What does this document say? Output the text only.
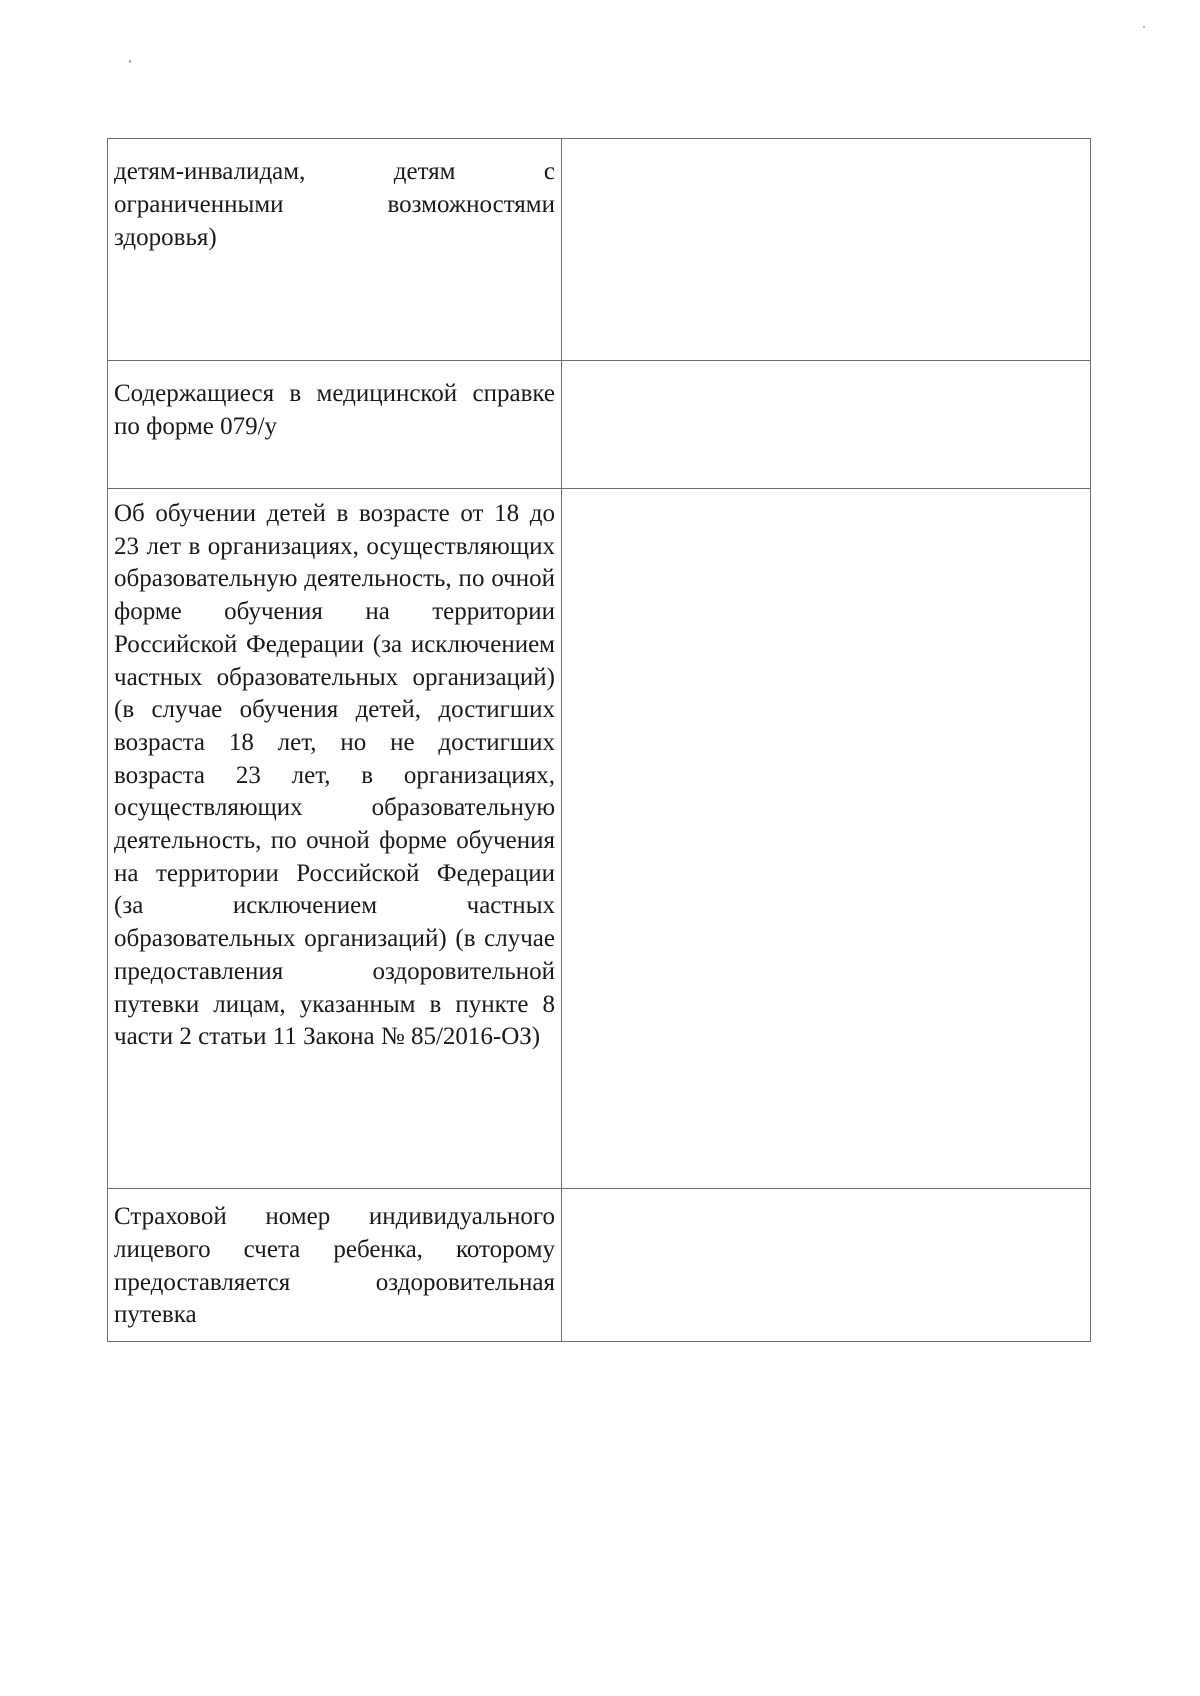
детям-инвалидам, детям с ограниченными возможностями здоровья)	

Содержащиеся в медицинской справке по форме 079/у	

Об обучении детей в возрасте от 18 до 23 лет в организациях, осуществляющих образовательную деятельность, по очной форме обучения на территории Российской Федерации (за исключением частных образовательных организаций) (в случае обучения детей, достигших возраста 18 лет, но не достигших возраста 23 лет, в организациях, осуществляющих образовательную деятельность, по очной форме обучения на территории Российской Федерации (за исключением частных образовательных организаций) (в случае предоставления оздоровительной путевки лицам, указанным в пункте 8 части 2 статьи 11 Закона № 85/2016-ОЗ)	

Страховой номер индивидуального лицевого счета ребенка, которому предоставляется оздоровительная путевка	
